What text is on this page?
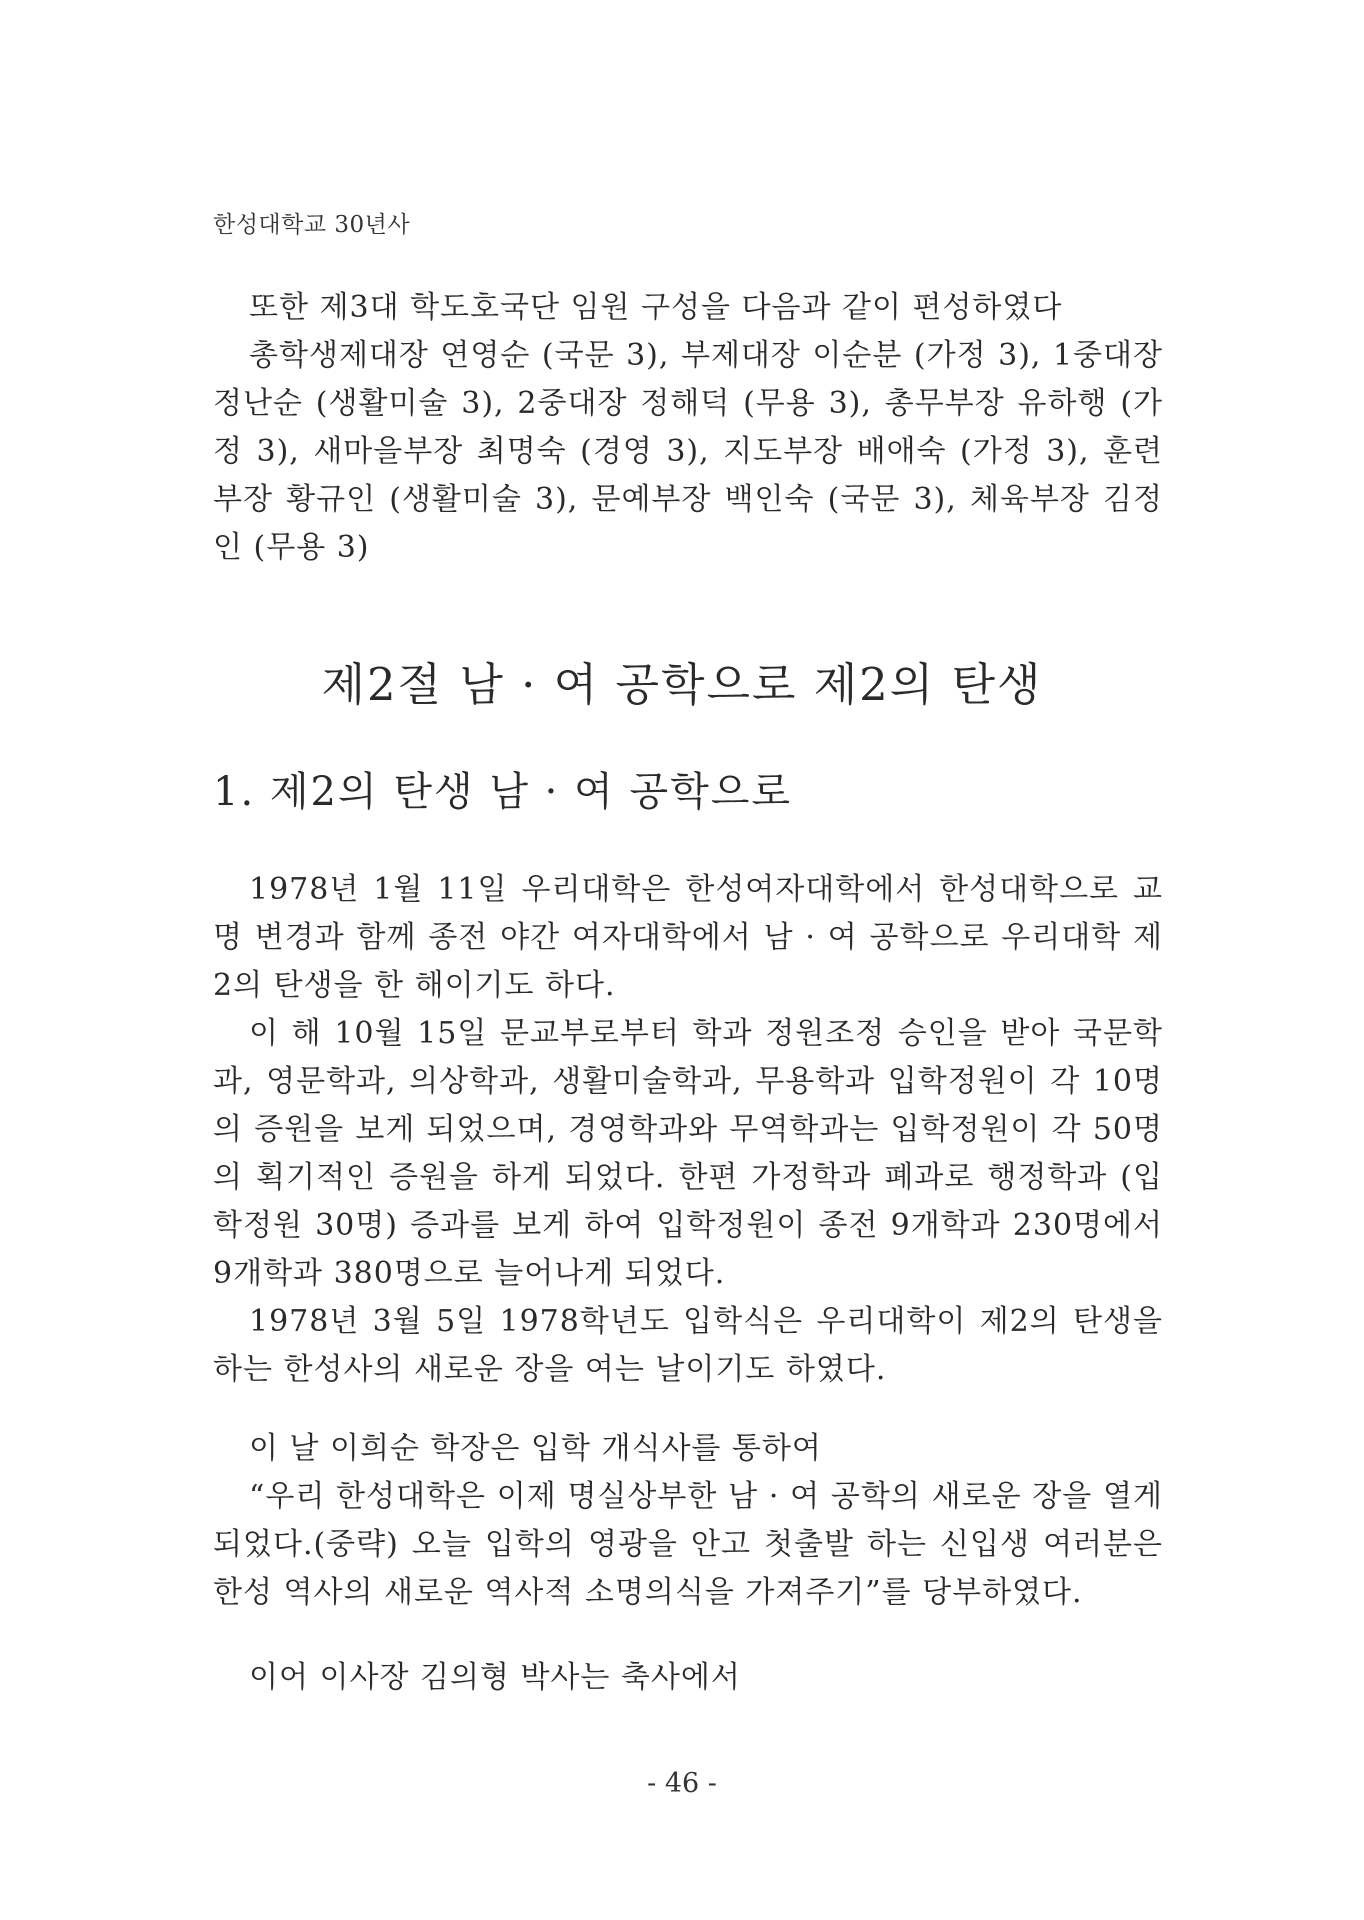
한성대학교 30년사

또한 제3대 학도호국단 임원 구성을 다음과 같이 편성하였다

총학생제대장 연영순 (국문 3), 부제대장 이순분 (가정 3), 1중대장 정난순 (생활미술 3), 2중대장 정해덕 (무용 3), 총무부장 유하행 (가정 3), 새마을부장 최명숙 (경영 3), 지도부장 배애숙 (가정 3), 훈련부장 황규인 (생활미술 3), 문예부장 백인숙 (국문 3), 체육부장 김정인 (무용 3)

제2절 남 · 여 공학으로 제2의 탄생
1. 제2의 탄생 남 · 여 공학으로

1978년 1월 11일 우리대학은 한성여자대학에서 한성대학으로 교명 변경과 함께 종전 야간 여자대학에서 남 · 여 공학으로 우리대학 제2의 탄생을 한 해이기도 하다.

이 해 10월 15일 문교부로부터 학과 정원조정 승인을 받아 국문학과, 영문학과, 의상학과, 생활미술학과, 무용학과 입학정원이 각 10명의 증원을 보게 되었으며, 경영학과와 무역학과는 입학정원이 각 50명의 획기적인 증원을 하게 되었다. 한편 가정학과 폐과로 행정학과 (입학정원 30명) 증과를 보게 하여 입학정원이 종전 9개학과 230명에서 9개학과 380명으로 늘어나게 되었다.

1978년 3월 5일 1978학년도 입학식은 우리대학이 제2의 탄생을 하는 한성사의 새로운 장을 여는 날이기도 하였다.

이 날 이희순 학장은 입학 개식사를 통하여

“우리 한성대학은 이제 명실상부한 남 · 여 공학의 새로운 장을 열게 되었다.(중략) 오늘 입학의 영광을 안고 첫출발 하는 신입생 여러분은 한성 역사의 새로운 역사적 소명의식을 가져주기”를 당부하였다.

이어 이사장 김의형 박사는 축사에서

- 46 -
